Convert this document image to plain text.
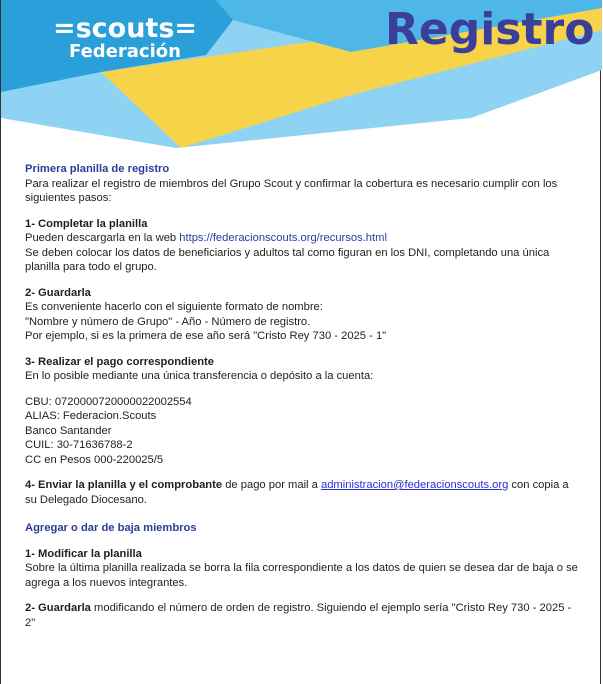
=scouts=
Federación	Registro

Primera planilla de registro
Para realizar el registro de miembros del Grupo Scout y confirmar la cobertura es necesario cumplir con los siguientes pasos:

1- Completar la planilla
Pueden descargarla en la web https://federacionscouts.org/recursos.html
Se deben colocar los datos de beneficiarios y adultos tal como figuran en los DNI, completando una única planilla para todo el grupo.

2- Guardarla
Es conveniente hacerlo con el siguiente formato de nombre:
"Nombre y número de Grupo" - Año - Número de registro.
Por ejemplo, si es la primera de ese año será "Cristo Rey 730 - 2025 - 1"

3- Realizar el pago correspondiente
En lo posible mediante una única transferencia o depósito a la cuenta:

CBU: 0720000720000022002554
ALIAS: Federacion.Scouts
Banco Santander
CUIL: 30-71636788-2
CC en Pesos 000-220025/5

4- Enviar la planilla y el comprobante de pago por mail a administracion@federacionscouts.org con copia a su Delegado Diocesano.

Agregar o dar de baja miembros

1- Modificar la planilla
Sobre la última planilla realizada se borra la fila correspondiente a los datos de quien se desea dar de baja o se agrega a los nuevos integrantes.

2- Guardarla modificando el número de orden de registro. Siguiendo el ejemplo sería "Cristo Rey 730 - 2025 - 2"
